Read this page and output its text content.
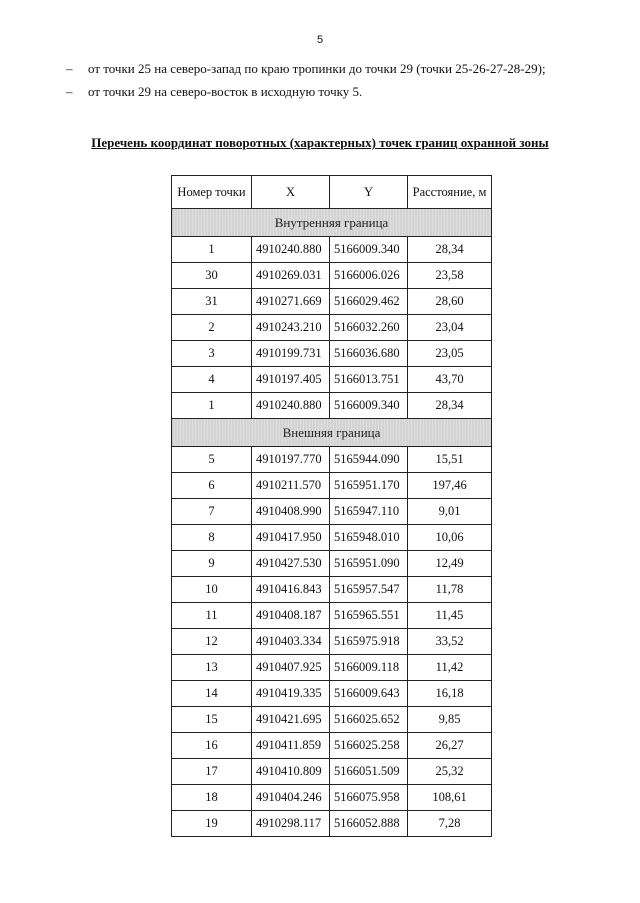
5
– от точки 25 на северо-запад по краю тропинки до точки 29 (точки 25-26-27-28-29);
– от точки 29 на северо-восток в исходную точку 5.
Перечень координат поворотных (характерных) точек границ охранной зоны
Номер точки	X	Y	Расстояние, м
Внутренняя граница			
1	4910240.880	5166009.340	28,34
30	4910269.031	5166006.026	23,58
31	4910271.669	5166029.462	28,60
2	4910243.210	5166032.260	23,04
3	4910199.731	5166036.680	23,05
4	4910197.405	5166013.751	43,70
1	4910240.880	5166009.340	28,34
Внешняя граница			
5	4910197.770	5165944.090	15,51
6	4910211.570	5165951.170	197,46
7	4910408.990	5165947.110	9,01
8	4910417.950	5165948.010	10,06
9	4910427.530	5165951.090	12,49
10	4910416.843	5165957.547	11,78
11	4910408.187	5165965.551	11,45
12	4910403.334	5165975.918	33,52
13	4910407.925	5166009.118	11,42
14	4910419.335	5166009.643	16,18
15	4910421.695	5166025.652	9,85
16	4910411.859	5166025.258	26,27
17	4910410.809	5166051.509	25,32
18	4910404.246	5166075.958	108,61
19	4910298.117	5166052.888	7,28
